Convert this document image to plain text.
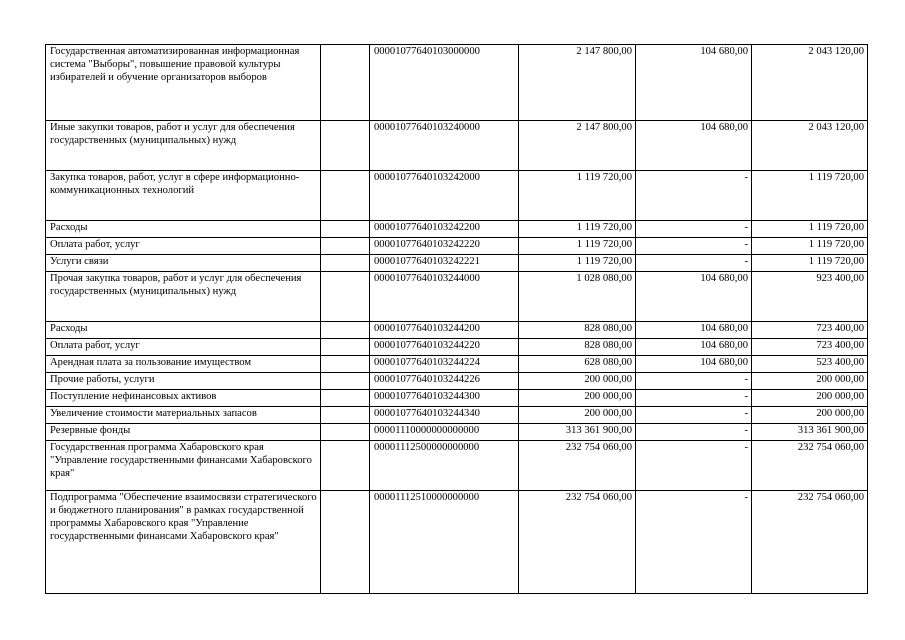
Государственная автоматизированная информационная система "Выборы", повышение правовой культуры избирателей и обучение организаторов выборов		00001077640103000000	2 147 800,00	104 680,00	2 043 120,00
Иные закупки товаров, работ и услуг для обеспечения государственных (муниципальных) нужд		00001077640103240000	2 147 800,00	104 680,00	2 043 120,00
Закупка товаров, работ, услуг в сфере информационно-коммуникационных технологий		00001077640103242000	1 119 720,00	-	1 119 720,00
Расходы		00001077640103242200	1 119 720,00	-	1 119 720,00
Оплата работ, услуг		00001077640103242220	1 119 720,00	-	1 119 720,00
Услуги связи		00001077640103242221	1 119 720,00	-	1 119 720,00
Прочая закупка товаров, работ и услуг для обеспечения государственных (муниципальных) нужд		00001077640103244000	1 028 080,00	104 680,00	923 400,00
Расходы		00001077640103244200	828 080,00	104 680,00	723 400,00
Оплата работ, услуг		00001077640103244220	828 080,00	104 680,00	723 400,00
Арендная плата за пользование имуществом		00001077640103244224	628 080,00	104 680,00	523 400,00
Прочие работы, услуги		00001077640103244226	200 000,00	-	200 000,00
Поступление нефинансовых активов		00001077640103244300	200 000,00	-	200 000,00
Увеличение стоимости материальных запасов		00001077640103244340	200 000,00	-	200 000,00
Резервные фонды		00001110000000000000	313 361 900,00	-	313 361 900,00
Государственная программа Хабаровского края "Управление государственными финансами Хабаровского края"		00001112500000000000	232 754 060,00	-	232 754 060,00
Подпрограмма "Обеспечение взаимосвязи стратегического и бюджетного планирования" в рамках государственной программы Хабаровского края "Управление государственными финансами Хабаровского края"		00001112510000000000	232 754 060,00	-	232 754 060,00
